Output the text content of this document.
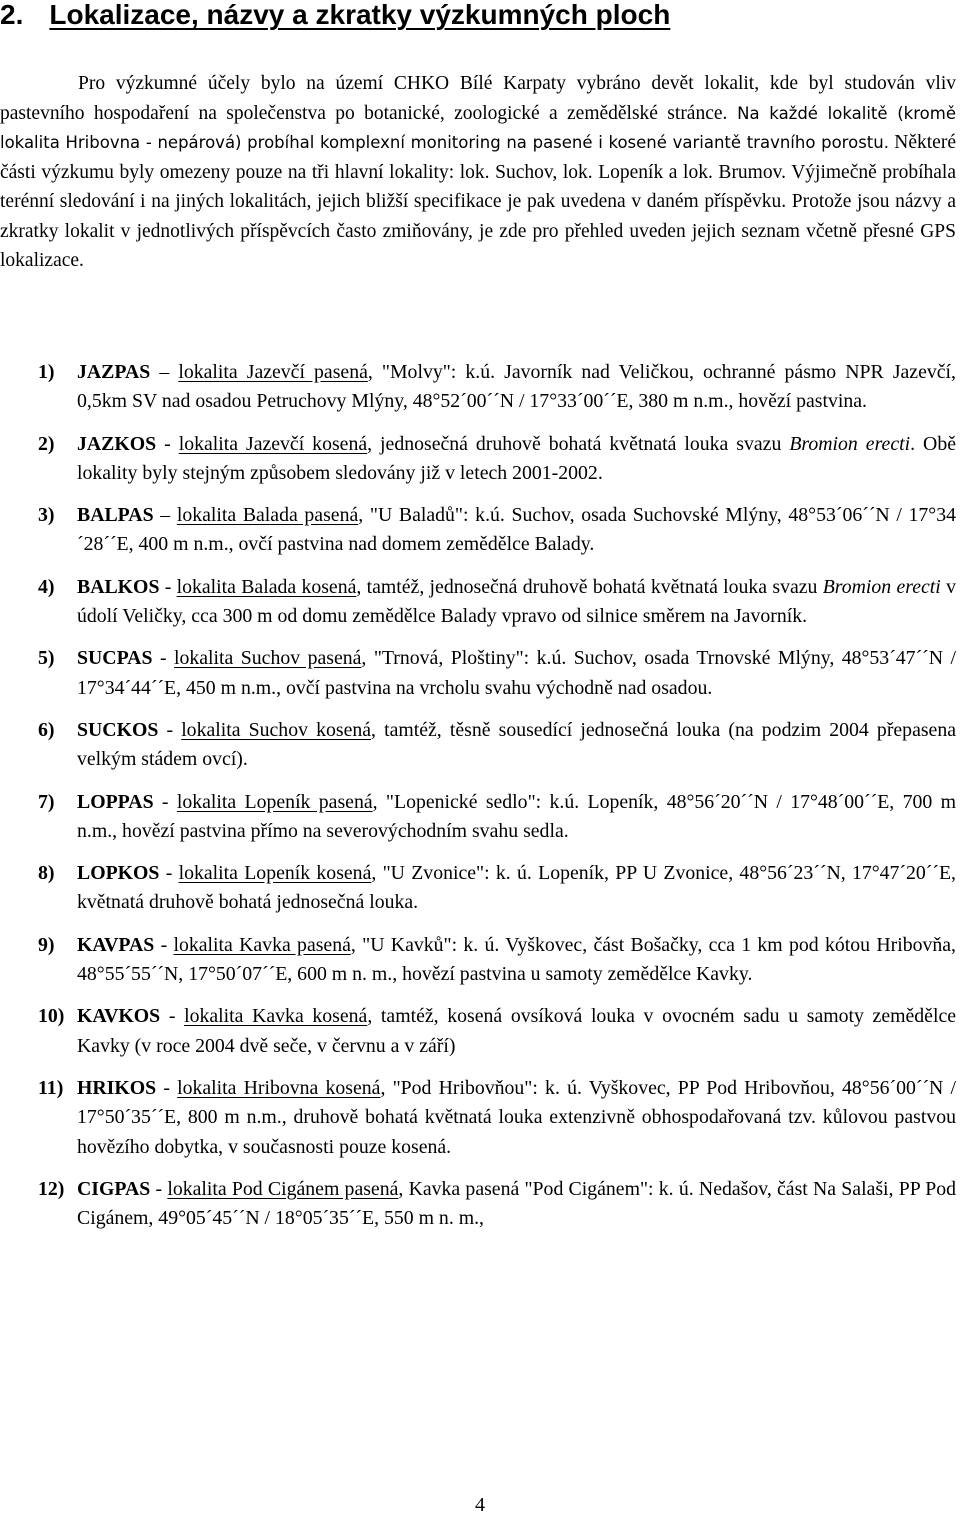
2. Lokalizace, názvy a zkratky výzkumných ploch

Pro výzkumné účely bylo na území CHKO Bílé Karpaty vybráno devět lokalit, kde byl studován vliv pastevního hospodaření na společenstva po botanické, zoologické a zemědělské stránce. Na každé lokalitě (kromě lokalita Hribovna - nepárová) probíhal komplexní monitoring na pasené i kosené variantě travního porostu. Některé části výzkumu byly omezeny pouze na tři hlavní lokality: lok. Suchov, lok. Lopeník a lok. Brumov. Výjimečně probíhala terénní sledování i na jiných lokalitách, jejich bližší specifikace je pak uvedena v daném příspěvku. Protože jsou názvy a zkratky lokalit v jednotlivých příspěvcích často zmiňovány, je zde pro přehled uveden jejich seznam včetně přesné GPS lokalizace.

1) JAZPAS – lokalita Jazevčí pasená, "Molvy": k.ú. Javorník nad Veličkou, ochranné pásmo NPR Jazevčí, 0,5km SV nad osadou Petruchovy Mlýny, 48°52´00´´N / 17°33´00´´E, 380 m n.m., hovězí pastvina.
2) JAZKOS - lokalita Jazevčí kosená, jednosečná druhově bohatá květnatá louka svazu Bromion erecti. Obě lokality byly stejným způsobem sledovány již v letech 2001-2002.
3) BALPAS – lokalita Balada pasená, "U Baladů": k.ú. Suchov, osada Suchovské Mlýny, 48°53´06´´N / 17°34´28´´E, 400 m n.m., ovčí pastvina nad domem zemědělce Balady.
4) BALKOS - lokalita Balada kosená, tamtéž, jednosečná druhově bohatá květnatá louka svazu Bromion erecti v údolí Veličky, cca 300 m od domu zemědělce Balady vpravo od silnice směrem na Javorník.
5) SUCPAS - lokalita Suchov pasená, "Trnová, Ploštiny": k.ú. Suchov, osada Trnovské Mlýny, 48°53´47´´N / 17°34´44´´E, 450 m n.m., ovčí pastvina na vrcholu svahu východně nad osadou.
6) SUCKOS - lokalita Suchov kosená, tamtéž, těsně sousedící jednosečná louka (na podzim 2004 přepasena velkým stádem ovcí).
7) LOPPAS - lokalita Lopeník pasená, "Lopenické sedlo": k.ú. Lopeník, 48°56´20´´N / 17°48´00´´E, 700 m n.m., hovězí pastvina přímo na severovýchodním svahu sedla.
8) LOPKOS - lokalita Lopeník kosená, "U Zvonice": k. ú. Lopeník, PP U Zvonice, 48°56´23´´N, 17°47´20´´E, květnatá druhově bohatá jednosečná louka.
9) KAVPAS - lokalita Kavka pasená, "U Kavků": k. ú. Vyškovec, část Bošačky, cca 1 km pod kótou Hribovňa, 48°55´55´´N, 17°50´07´´E, 600 m n. m., hovězí pastvina u samoty zemědělce Kavky.
10) KAVKOS - lokalita Kavka kosená, tamtéž, kosená ovsíková louka v ovocném sadu u samoty zemědělce Kavky (v roce 2004 dvě seče, v červnu a v září)
11) HRIKOS - lokalita Hribovna kosená, "Pod Hribovňou": k. ú. Vyškovec, PP Pod Hribovňou, 48°56´00´´N / 17°50´35´´E, 800 m n.m., druhově bohatá květnatá louka extenzivně obhospodařovaná tzv. kůlovou pastvou hovězího dobytka, v současnosti pouze kosená.
12) CIGPAS - lokalita Pod Cigánem pasená, Kavka pasená "Pod Cigánem": k. ú. Nedašov, část Na Salaši, PP Pod Cigánem, 49°05´45´´N / 18°05´35´´E, 550 m n. m.,
4
